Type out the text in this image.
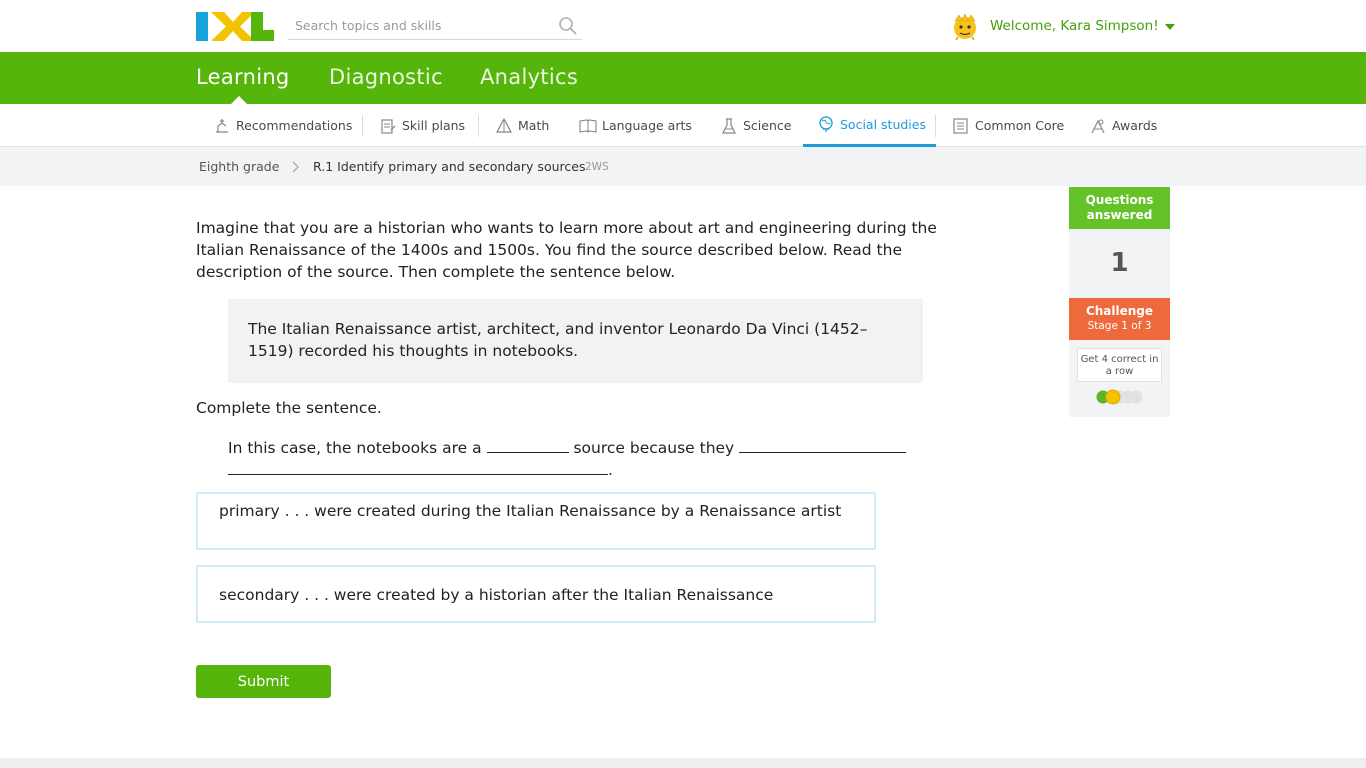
Search topics and skills
Welcome, Kara Simpson!
Learning Diagnostic Analytics
Recommendations	Skill plans	Math	Language arts	Science	Social studies	Common Core	Awards
Eighth grade	R.1 Identify primary and secondary sources 2WS
Imagine that you are a historian who wants to learn more about art and engineering during the Italian Renaissance of the 1400s and 1500s. You find the source described below. Read the description of the source. Then complete the sentence below.
The Italian Renaissance artist, architect, and inventor Leonardo Da Vinci (1452–1519) recorded his thoughts in notebooks.
Complete the sentence.
In this case, the notebooks are a	source because they
.
primary . . . were created during the Italian Renaissance by a Renaissance artist
secondary . . . were created by a historian after the Italian Renaissance
Submit
Questions answered
1
Challenge
Stage 1 of 3
Get 4 correct in a row
